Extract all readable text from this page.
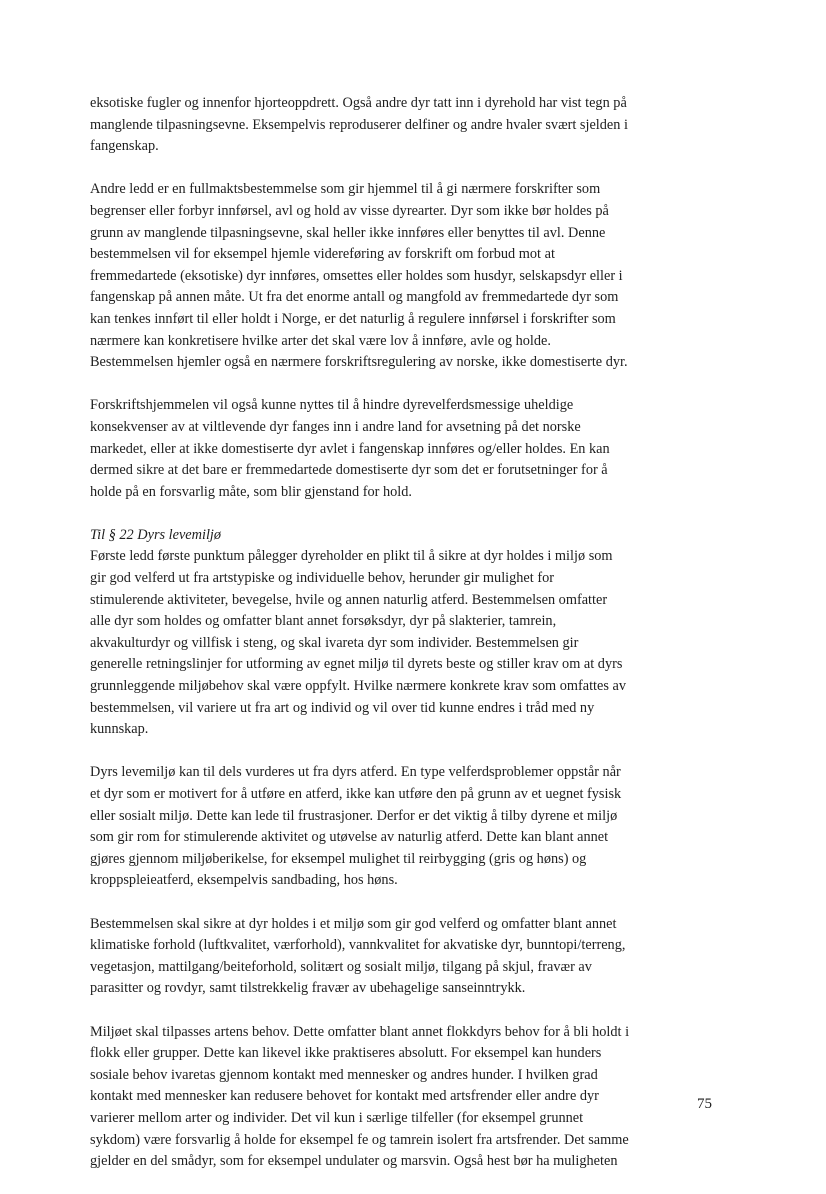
eksotiske fugler og innenfor hjorteoppdrett. Også andre dyr tatt inn i dyrehold har vist tegn på
manglende tilpasningsevne. Eksempelvis reproduserer delfiner og andre hvaler svært sjelden i
fangenskap.

Andre ledd er en fullmaktsbestemmelse som gir hjemmel til å gi nærmere forskrifter som
begrenser eller forbyr innførsel, avl og hold av visse dyrearter. Dyr som ikke bør holdes på
grunn av manglende tilpasningsevne, skal heller ikke innføres eller benyttes til avl. Denne
bestemmelsen vil for eksempel hjemle videreføring av forskrift om forbud mot at
fremmedartede (eksotiske) dyr innføres, omsettes eller holdes som husdyr, selskapsdyr eller i
fangenskap på annen måte. Ut fra det enorme antall og mangfold av fremmedartede dyr som
kan tenkes innført til eller holdt i Norge, er det naturlig å regulere innførsel i forskrifter som
nærmere kan konkretisere hvilke arter det skal være lov å innføre, avle og holde.
Bestemmelsen hjemler også en nærmere forskriftsregulering av norske, ikke domestiserte dyr.

Forskriftshjemmelen vil også kunne nyttes til å hindre dyrevelferdsmessige uheldige
konsekvenser av at viltlevende dyr fanges inn i andre land for avsetning på det norske
markedet, eller at ikke domestiserte dyr avlet i fangenskap innføres og/eller holdes. En kan
dermed sikre at det bare er fremmedartede domestiserte dyr som det er forutsetninger for å
holde på en forsvarlig måte, som blir gjenstand for hold.

Til § 22 Dyrs levemiljø

Første ledd første punktum pålegger dyreholder en plikt til å sikre at dyr holdes i miljø som
gir god velferd ut fra artstypiske og individuelle behov, herunder gir mulighet for
stimulerende aktiviteter, bevegelse, hvile og annen naturlig atferd. Bestemmelsen omfatter
alle dyr som holdes og omfatter blant annet forsøksdyr, dyr på slakterier, tamrein,
akvakulturdyr og villfisk i steng, og skal ivareta dyr som individer. Bestemmelsen gir
generelle retningslinjer for utforming av egnet miljø til dyrets beste og stiller krav om at dyrs
grunnleggende miljøbehov skal være oppfylt. Hvilke nærmere konkrete krav som omfattes av
bestemmelsen, vil variere ut fra art og individ og vil over tid kunne endres i tråd med ny
kunnskap.

Dyrs levemiljø kan til dels vurderes ut fra dyrs atferd. En type velferdsproblemer oppstår når
et dyr som er motivert for å utføre en atferd, ikke kan utføre den på grunn av et uegnet fysisk
eller sosialt miljø. Dette kan lede til frustrasjoner. Derfor er det viktig å tilby dyrene et miljø
som gir rom for stimulerende aktivitet og utøvelse av naturlig atferd. Dette kan blant annet
gjøres gjennom miljøberikelse, for eksempel mulighet til reirbygging (gris og høns) og
kroppspleieatferd, eksempelvis sandbading, hos høns.

Bestemmelsen skal sikre at dyr holdes i et miljø som gir god velferd og omfatter blant annet
klimatiske forhold (luftkvalitet, værforhold), vannkvalitet for akvatiske dyr, bunntopi/terreng,
vegetasjon, mattilgang/beiteforhold, solitært og sosialt miljø, tilgang på skjul, fravær av
parasitter og rovdyr, samt tilstrekkelig fravær av ubehagelige sanseinntrykk.

Miljøet skal tilpasses artens behov. Dette omfatter blant annet flokkdyrs behov for å bli holdt i
flokk eller grupper. Dette kan likevel ikke praktiseres absolutt. For eksempel kan hunders
sosiale behov ivaretas gjennom kontakt med mennesker og andres hunder. I hvilken grad
kontakt med mennesker kan redusere behovet for kontakt med artsfrender eller andre dyr
varierer mellom arter og individer. Det vil kun i særlige tilfeller (for eksempel grunnet
sykdom) være forsvarlig å holde for eksempel fe og tamrein isolert fra artsfrender. Det samme
gjelder en del smådyr, som for eksempel undulater og marsvin. Også hest bør ha muligheten

75
